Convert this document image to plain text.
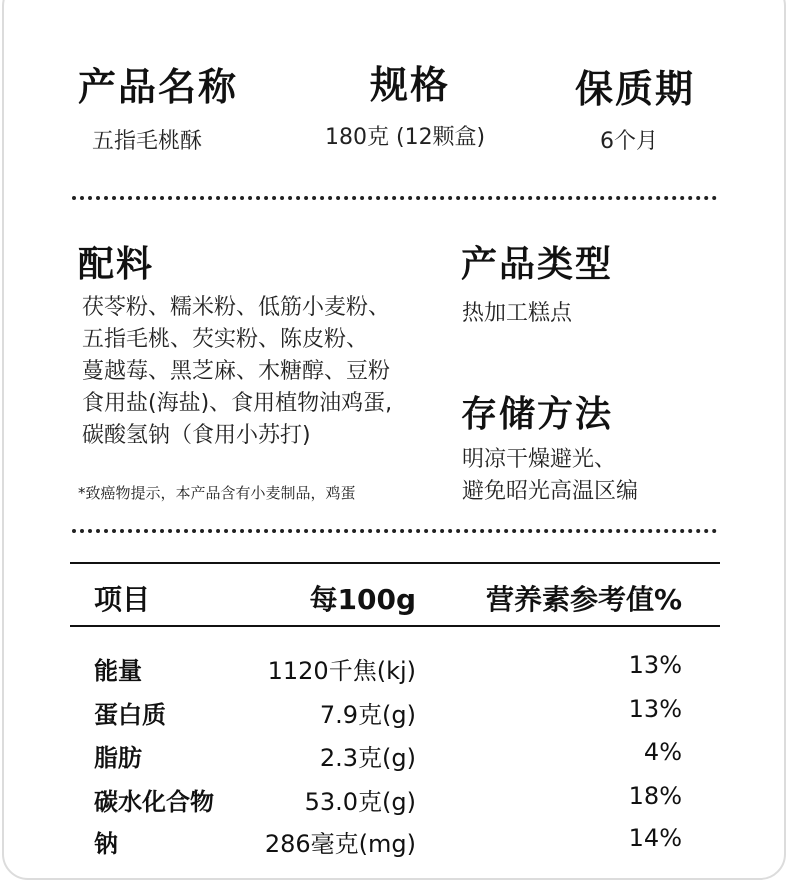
产品名称	规格	保质期
五指毛桃酥	180克 (12颗盒)	6个月
配料
茯苓粉、糯米粉、低筋小麦粉、
五指毛桃、芡实粉、陈皮粉、
蔓越莓、黑芝麻、木糖醇、豆粉
食用盐(海盐)、食用植物油鸡蛋,
碳酸氢钠（食用小苏打)
*致癌物提示，本产品含有小麦制品，鸡蛋
产品类型
热加工糕点
存储方法
明凉干燥避光、
避免昭光高温区编
项目	每100g 营养素参考值%
能量	1120千焦(kj)	13%
蛋白质	7.9克(g)	13%
脂肪	2.3克(g)	4%
碳水化合物	53.0克(g)	18%
钠	286毫克(mg)	14%
